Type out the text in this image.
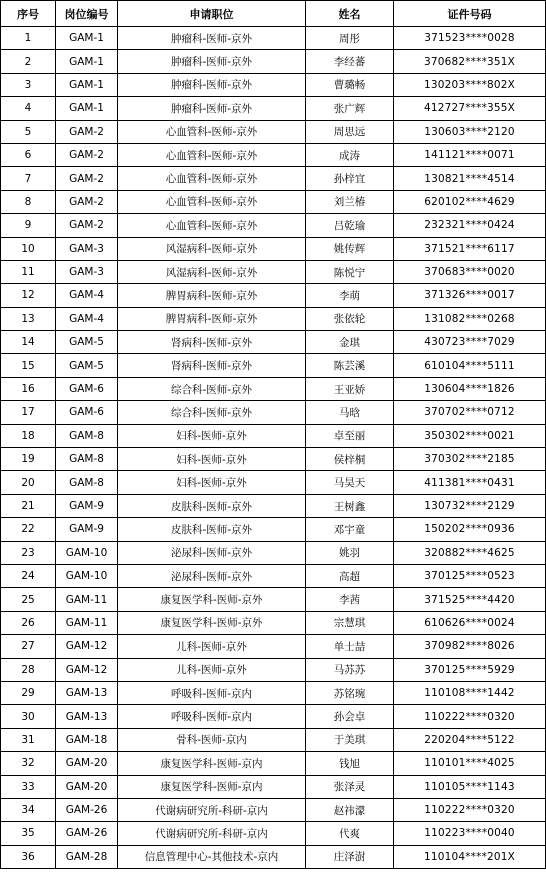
序号	岗位编号	申请职位	姓名	证件号码
1	GAM-1	肿瘤科-医师-京外	周彤	371523****0028
2	GAM-1	肿瘤科-医师-京外	李经蕃	370682****351X
3	GAM-1	肿瘤科-医师-京外	曹璐畅	130203****802X
4	GAM-1	肿瘤科-医师-京外	张广辉	412727****355X
5	GAM-2	心血管科-医师-京外	周思远	130603****2120
6	GAM-2	心血管科-医师-京外	成涛	141121****0071
7	GAM-2	心血管科-医师-京外	孙梓宜	130821****4514
8	GAM-2	心血管科-医师-京外	刘兰椿	620102****4629
9	GAM-2	心血管科-医师-京外	吕乾瑜	232321****0424
10	GAM-3	风湿病科-医师-京外	姚传辉	371521****6117
11	GAM-3	风湿病科-医师-京外	陈悦宁	370683****0020
12	GAM-4	脾胃病科-医师-京外	李萌	371326****0017
13	GAM-4	脾胃病科-医师-京外	张依轮	131082****0268
14	GAM-5	肾病科-医师-京外	金琪	430723****7029
15	GAM-5	肾病科-医师-京外	陈芸溪	610104****5111
16	GAM-6	综合科-医师-京外	王亚娇	130604****1826
17	GAM-6	综合科-医师-京外	马晗	370702****0712
18	GAM-8	妇科-医师-京外	卓至丽	350302****0021
19	GAM-8	妇科-医师-京外	侯梓桐	370302****2185
20	GAM-8	妇科-医师-京外	马昊天	411381****0431
21	GAM-9	皮肤科-医师-京外	王树鑫	130732****2129
22	GAM-9	皮肤科-医师-京外	邓宇童	150202****0936
23	GAM-10	泌尿科-医师-京外	姚羽	320882****4625
24	GAM-10	泌尿科-医师-京外	高超	370125****0523
25	GAM-11	康复医学科-医师-京外	李茜	371525****4420
26	GAM-11	康复医学科-医师-京外	宗慧琪	610626****0024
27	GAM-12	儿科-医师-京外	单士喆	370982****8026
28	GAM-12	儿科-医师-京外	马苏苏	370125****5929
29	GAM-13	呼吸科-医师-京内	苏铭琬	110108****1442
30	GAM-13	呼吸科-医师-京内	孙会卓	110222****0320
31	GAM-18	骨科-医师-京内	于美琪	220204****5122
32	GAM-20	康复医学科-医师-京内	钱旭	110101****4025
33	GAM-20	康复医学科-医师-京内	张泽灵	110105****1143
34	GAM-26	代谢病研究所-科研-京内	赵祎濛	110222****0320
35	GAM-26	代谢病研究所-科研-京内	代爽	110223****0040
36	GAM-28	信息管理中心-其他技术-京内	庄泽澍	110104****201X
